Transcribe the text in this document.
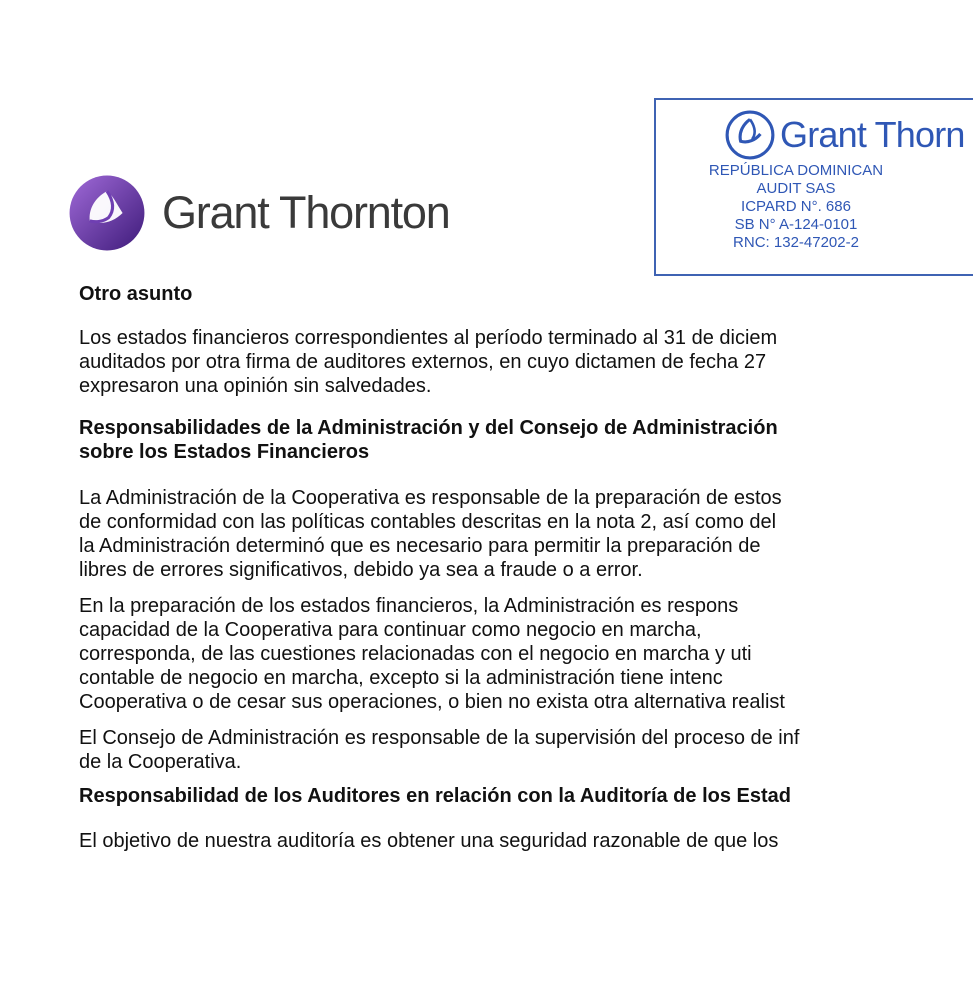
Grant Thornton
Grant Thorn
REPÚBLICA DOMINICAN
AUDIT SAS
ICPARD N°. 686
SB N° A-124-0101
RNC: 132-47202-2
Otro asunto
Los estados financieros correspondientes al período terminado al 31 de diciem
auditados por otra firma de auditores externos, en cuyo dictamen de fecha 27
expresaron una opinión sin salvedades.
Responsabilidades de la Administración y del Consejo de Administración
sobre los Estados Financieros
La Administración de la Cooperativa es responsable de la preparación de estos
de conformidad con las políticas contables descritas en la nota 2, así como del
la Administración determinó que es necesario para permitir la preparación de
libres de errores significativos, debido ya sea a fraude o a error.
En la preparación de los estados financieros, la Administración es respons
capacidad de la Cooperativa para continuar como negocio en marcha,
corresponda, de las cuestiones relacionadas con el negocio en marcha y uti
contable de negocio en marcha, excepto si la administración tiene intenc
Cooperativa o de cesar sus operaciones, o bien no exista otra alternativa realist
El Consejo de Administración es responsable de la supervisión del proceso de inf
de la Cooperativa.
Responsabilidad de los Auditores en relación con la Auditoría de los Estad
El objetivo de nuestra auditoría es obtener una seguridad razonable de que los
